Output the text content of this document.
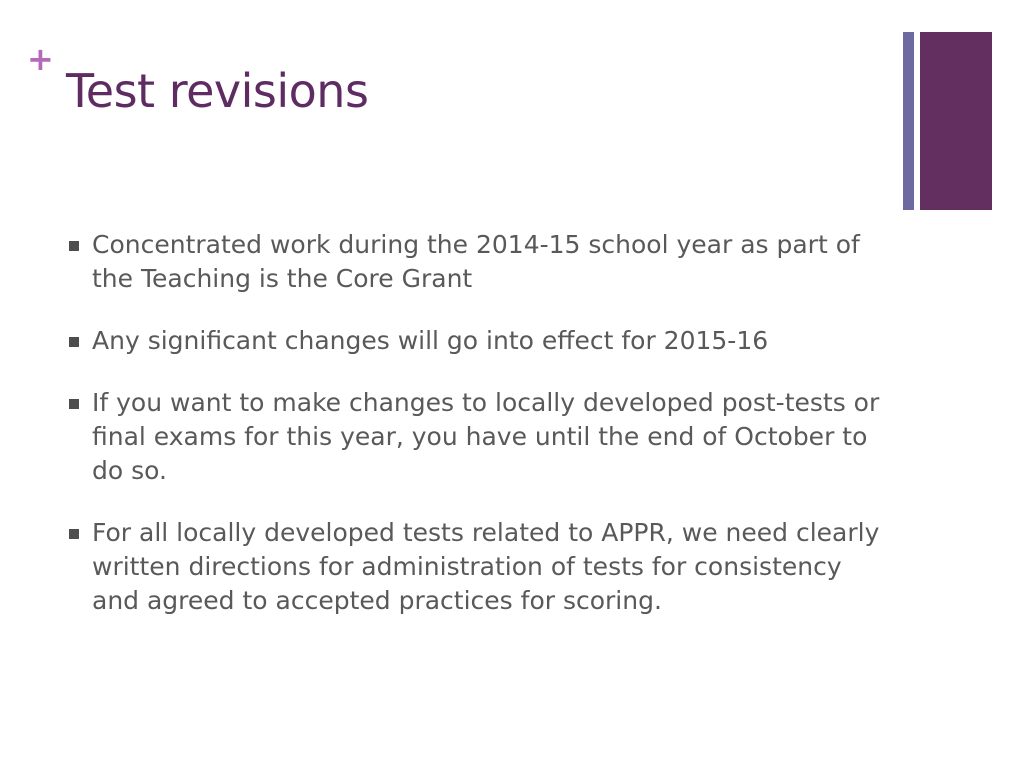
+
Test revisions
Concentrated work during the 2014-15 school year as part of the Teaching is the Core Grant
Any significant changes will go into effect for 2015-16
If you want to make changes to locally developed post-tests or final exams for this year, you have until the end of October to do so.
For all locally developed tests related to APPR, we need clearly written directions for administration of tests for consistency and agreed to accepted practices for scoring.
